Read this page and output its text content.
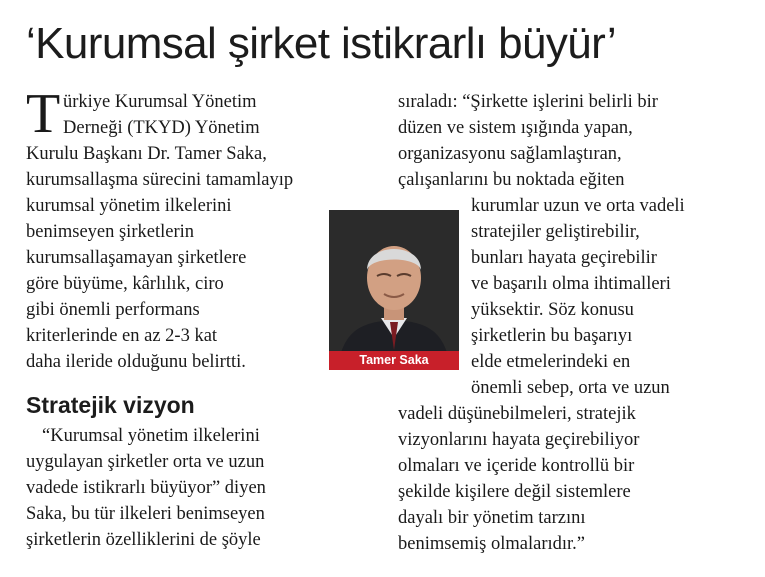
‘Kurumsal şirket istikrarlı büyür’
T ürkiye Kurumsal Yönetim
Derneği (TKYD) Yönetim
Kurulu Başkanı Dr. Tamer Saka,
kurumsallaşma sürecini tamamlayıp
kurumsal yönetim ilkelerini
benimseyen şirketlerin
kurumsallaşamayan şirketlere
göre büyüme, kârlılık, ciro
gibi önemli performans
kriterlerinde en az 2-3 kat
daha ileride olduğunu belirtti.
Stratejik vizyon
“Kurumsal yönetim ilkelerini
uygulayan şirketler orta ve uzun
vadede istikrarlı büyüyor” diyen
Saka, bu tür ilkeleri benimseyen
şirketlerin özelliklerini de şöyle
Tamer Saka
sıraladı: “Şirkette işlerini belirli bir
düzen ve sistem ışığında yapan,
organizasyonu sağlamlaştıran,
çalışanlarını bu noktada eğiten
kurumlar uzun ve orta vadeli
stratejiler geliştirebilir,
bunları hayata geçirebilir
ve başarılı olma ihtimalleri
yüksektir. Söz konusu
şirketlerin bu başarıyı
elde etmelerindeki en
önemli sebep, orta ve uzun
vadeli düşünebilmeleri, stratejik
vizyonlarını hayata geçirebiliyor
olmaları ve içeride kontrollü bir
şekilde kişilere değil sistemlere
dayalı bir yönetim tarzını
benimsemiş olmalarıdır.”
